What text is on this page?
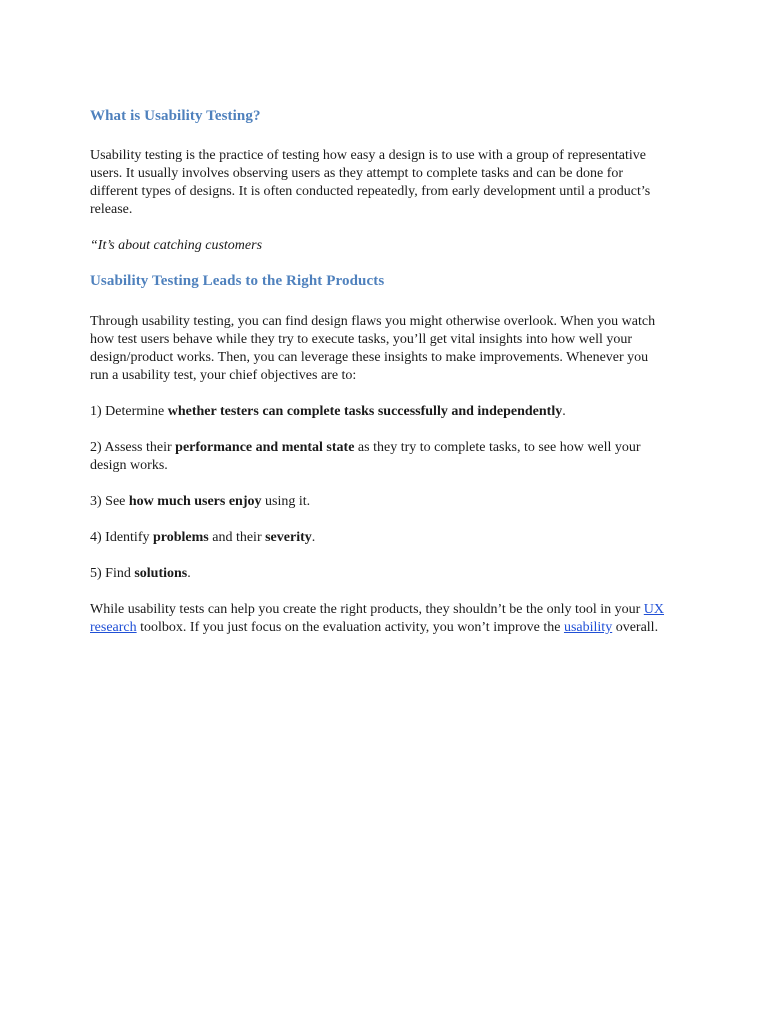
What is Usability Testing?

Usability testing is the practice of testing how easy a design is to use with a group of representative users. It usually involves observing users as they attempt to complete tasks and can be done for different types of designs. It is often conducted repeatedly, from early development until a product’s release.

“It’s about catching customers

Usability Testing Leads to the Right Products

Through usability testing, you can find design flaws you might otherwise overlook. When you watch how test users behave while they try to execute tasks, you’ll get vital insights into how well your design/product works. Then, you can leverage these insights to make improvements. Whenever you run a usability test, your chief objectives are to:

1) Determine whether testers can complete tasks successfully and independently.

2) Assess their performance and mental state as they try to complete tasks, to see how well your design works.

3) See how much users enjoy using it.

4) Identify problems and their severity.

5) Find solutions.

While usability tests can help you create the right products, they shouldn’t be the only tool in your UX research toolbox. If you just focus on the evaluation activity, you won’t improve the usability overall.
